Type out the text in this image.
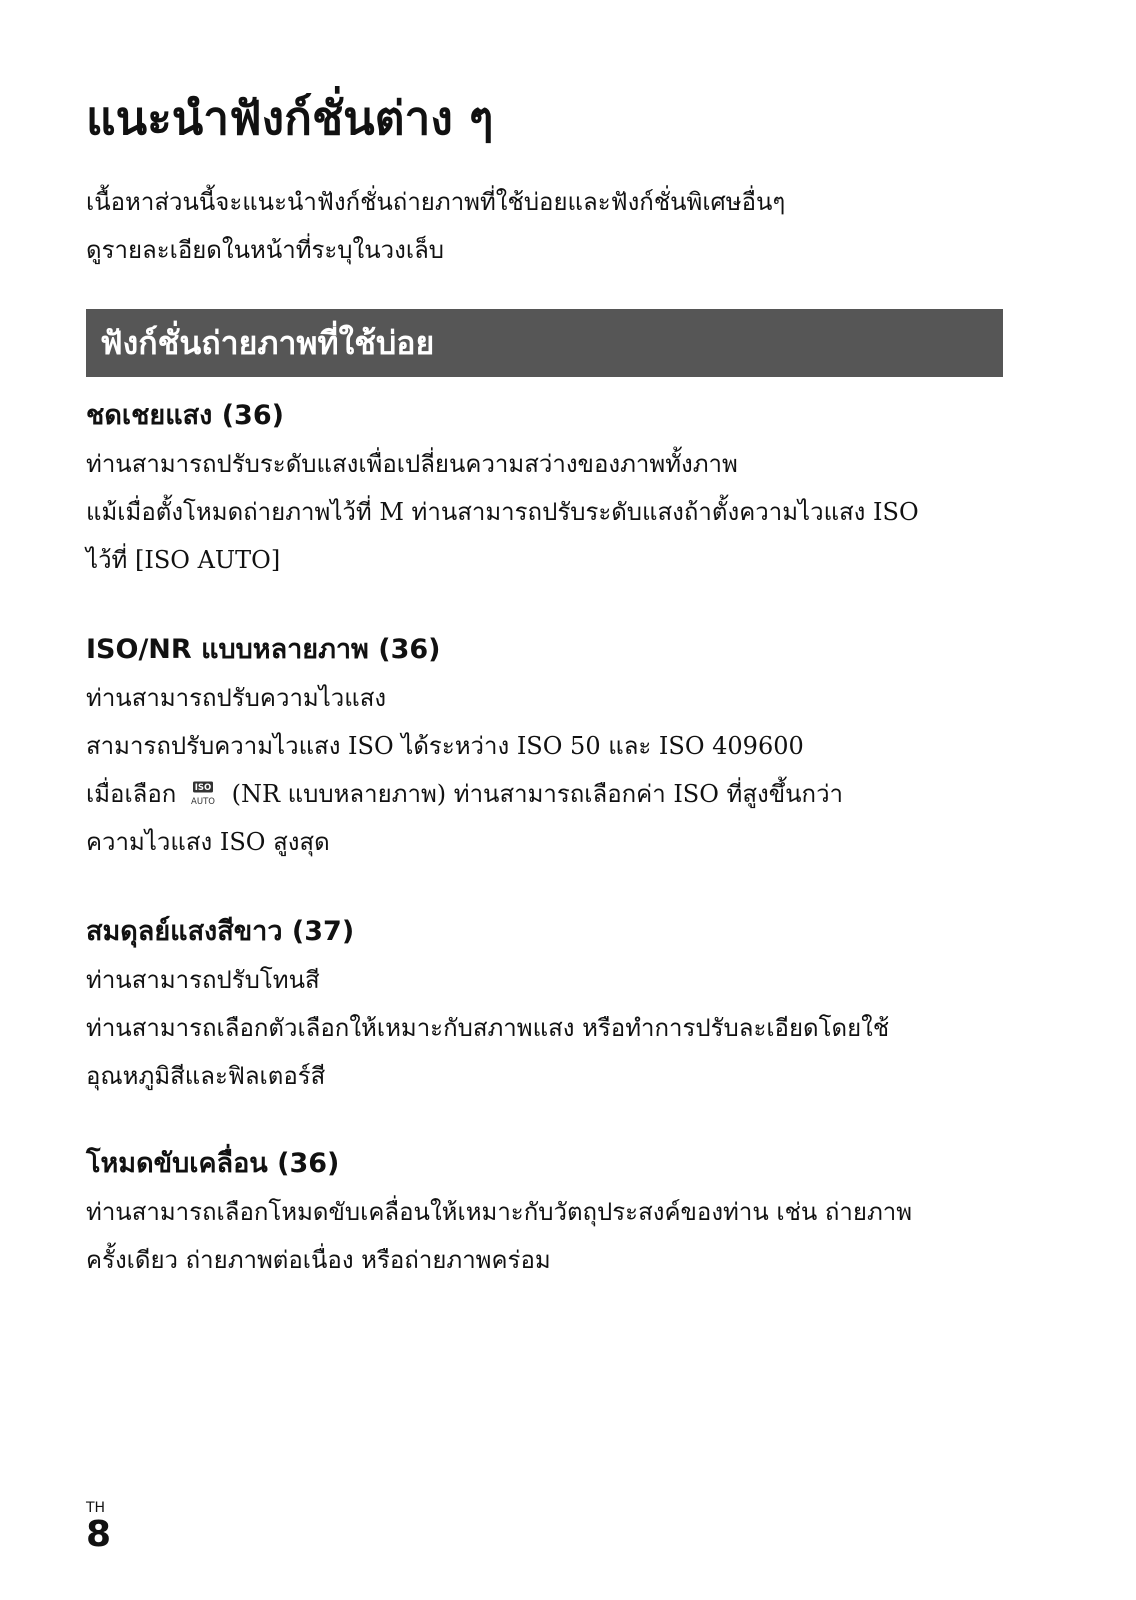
แนะนำฟังก์ชั่นต่าง ๆ
เนื้อหาส่วนนี้จะแนะนำฟังก์ชั่นถ่ายภาพที่ใช้บ่อยและฟังก์ชั่นพิเศษอื่นๆ
ดูรายละเอียดในหน้าที่ระบุในวงเล็บ
ฟังก์ชั่นถ่ายภาพที่ใช้บ่อย
ชดเชยแสง (36)
ท่านสามารถปรับระดับแสงเพื่อเปลี่ยนความสว่างของภาพทั้งภาพ
แม้เมื่อตั้งโหมดถ่ายภาพไว้ที่ M ท่านสามารถปรับระดับแสงถ้าตั้งความไวแสง ISO
ไว้ที่ [ISO AUTO]
ISO/NR แบบหลายภาพ (36)
ท่านสามารถปรับความไวแสง
สามารถปรับความไวแสง ISO ได้ระหว่าง ISO 50 และ ISO 409600
เมื่อเลือก ISO
AUTO (NR แบบหลายภาพ) ท่านสามารถเลือกค่า ISO ที่สูงขึ้นกว่า
ความไวแสง ISO สูงสุด
สมดุลย์แสงสีขาว (37)
ท่านสามารถปรับโทนสี
ท่านสามารถเลือกตัวเลือกให้เหมาะกับสภาพแสง หรือทำการปรับละเอียดโดยใช้
อุณหภูมิสีและฟิลเตอร์สี
โหมดขับเคลื่อน (36)
ท่านสามารถเลือกโหมดขับเคลื่อนให้เหมาะกับวัตถุประสงค์ของท่าน เช่น ถ่ายภาพ
ครั้งเดียว ถ่ายภาพต่อเนื่อง หรือถ่ายภาพคร่อม
TH
8
